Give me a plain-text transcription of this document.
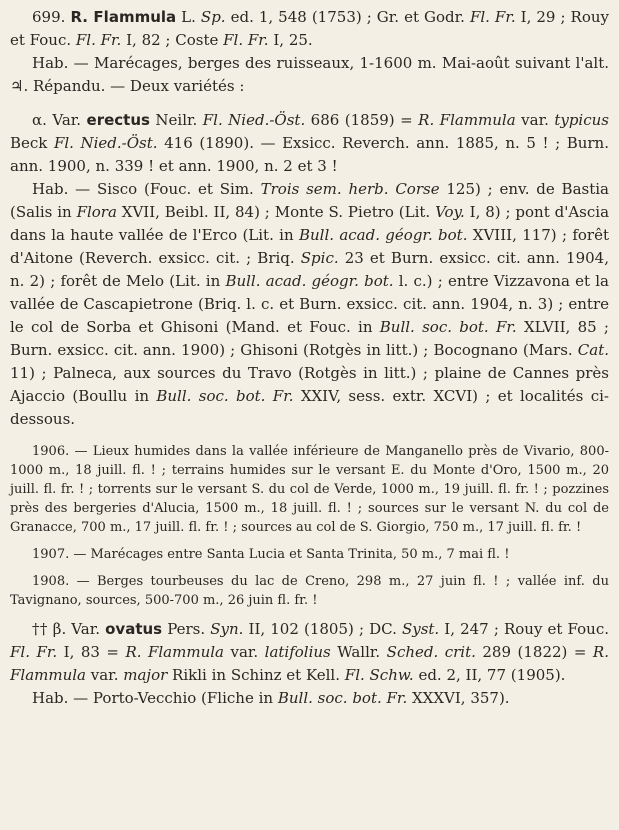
699. R. Flammula L. Sp. ed. 1, 548 (1753) ; Gr. et Godr. Fl. Fr. I, 29 ; Rouy et Fouc. Fl. Fr. I, 82 ; Coste Fl. Fr. I, 25.

Hab. — Marécages, berges des ruisseaux, 1-1600 m. Mai-août suivant l'alt. ♃. Répandu. — Deux variétés :

α. Var. erectus Neilr. Fl. Nied.-Öst. 686 (1859) = R. Flammula var. typicus Beck Fl. Nied.-Öst. 416 (1890). — Exsicc. Reverch. ann. 1885, n. 5 ! ; Burn. ann. 1900, n. 339 ! et ann. 1900, n. 2 et 3 !

Hab. — Sisco (Fouc. et Sim. Trois sem. herb. Corse 125) ; env. de Bastia (Salis in Flora XVII, Beibl. II, 84) ; Monte S. Pietro (Lit. Voy. I, 8) ; pont d'Ascia dans la haute vallée de l'Erco (Lit. in Bull. acad. géogr. bot. XVIII, 117) ; forêt d'Aitone (Reverch. exsicc. cit. ; Briq. Spic. 23 et Burn. exsicc. cit. ann. 1904, n. 2) ; forêt de Melo (Lit. in Bull. acad. géogr. bot. l. c.) ; entre Vizzavona et la vallée de Cascapietrone (Briq. l. c. et Burn. exsicc. cit. ann. 1904, n. 3) ; entre le col de Sorba et Ghisoni (Mand. et Fouc. in Bull. soc. bot. Fr. XLVII, 85 ; Burn. exsicc. cit. ann. 1900) ; Ghisoni (Rotgès in litt.) ; Bocognano (Mars. Cat. 11) ; Palneca, aux sources du Travo (Rotgès in litt.) ; plaine de Cannes près Ajaccio (Boullu in Bull. soc. bot. Fr. XXIV, sess. extr. XCVI) ; et localités ci-dessous.

1906. — Lieux humides dans la vallée inférieure de Manganello près de Vivario, 800-1000 m., 18 juill. fl. ! ; terrains humides sur le versant E. du Monte d'Oro, 1500 m., 20 juill. fl. fr. ! ; torrents sur le versant S. du col de Verde, 1000 m., 19 juill. fl. fr. ! ; pozzines près des bergeries d'Alucia, 1500 m., 18 juill. fl. ! ; sources sur le versant N. du col de Granacce, 700 m., 17 juill. fl. fr. ! ; sources au col de S. Giorgio, 750 m., 17 juill. fl. fr. !

1907. — Marécages entre Santa Lucia et Santa Trinita, 50 m., 7 mai fl. !

1908. — Berges tourbeuses du lac de Creno, 298 m., 27 juin fl. ! ; vallée inf. du Tavignano, sources, 500-700 m., 26 juin fl. fr. !

†† β. Var. ovatus Pers. Syn. II, 102 (1805) ; DC. Syst. I, 247 ; Rouy et Fouc. Fl. Fr. I, 83 = R. Flammula var. latifolius Wallr. Sched. crit. 289 (1822) = R. Flammula var. major Rikli in Schinz et Kell. Fl. Schw. ed. 2, II, 77 (1905).

Hab. — Porto-Vecchio (Fliche in Bull. soc. bot. Fr. XXXVI, 357).
